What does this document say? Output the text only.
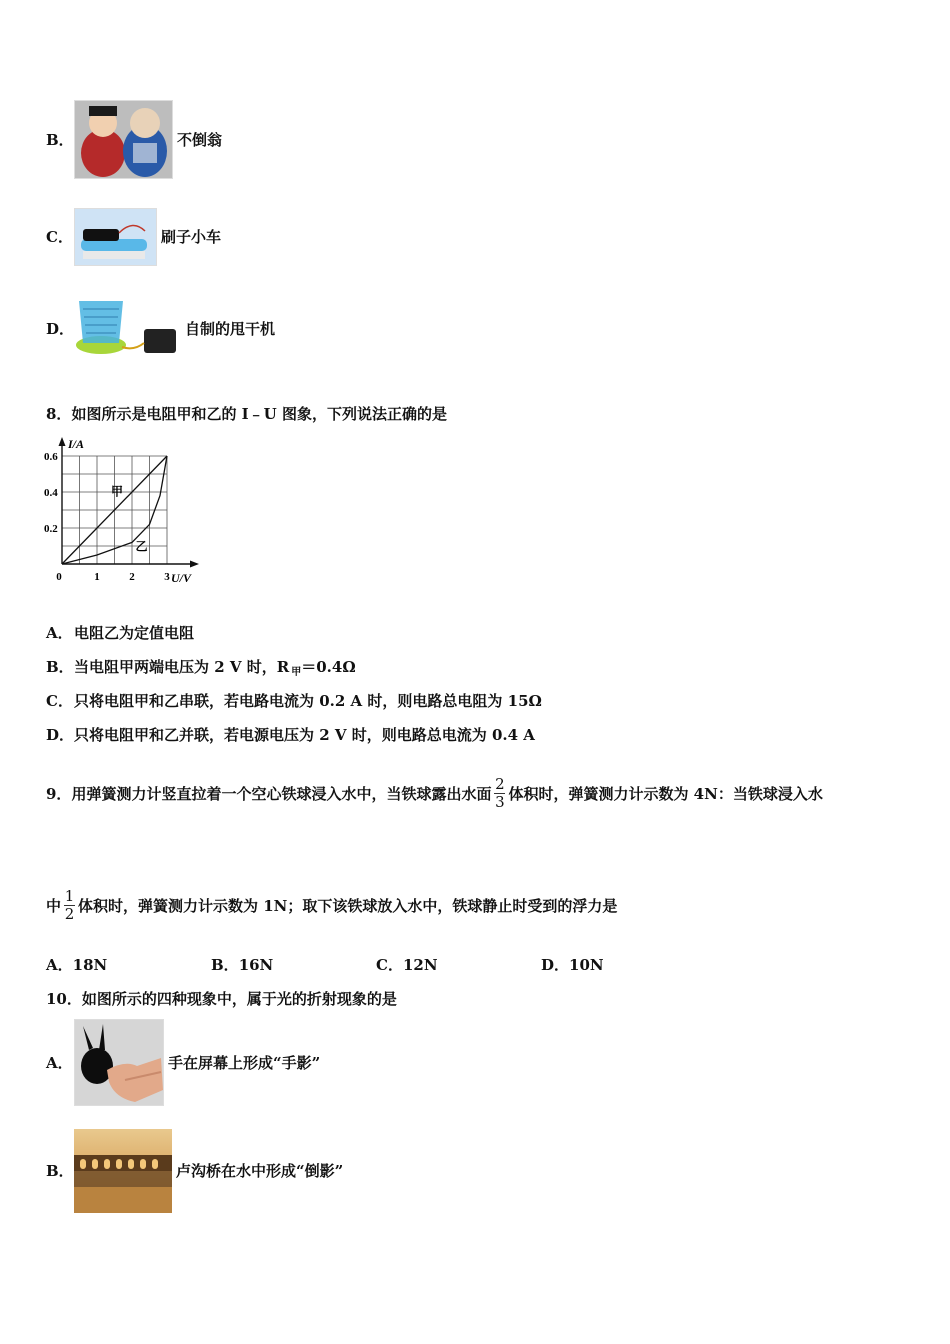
B．	不倒翁
C．	刷子小车
D．	自制的甩干机
8． 如图所示是电阻甲和乙的 I﹣U 图象，下列说法正确的是
甲
乙
0	1	2	3
0.2
0.4
0.6
I/A
U/V
A． 电阻乙为定值电阻
B． 当电阻甲两端电压为 2 V 时，R 甲 ＝0.4Ω
C． 只将电阻甲和乙串联，若电路电流为 0.2 A 时，则电路总电阻为 15Ω
D． 只将电阻甲和乙并联，若电源电压为 2 V 时，则电路总电流为 0.4 A
9． 用弹簧测力计竖直拉着一个空心铁球浸入水中，当铁球露出水面 $\frac{2}{3}$ 体积时，弹簧测力计示数为 4N：当铁球浸入水
中 $\frac{1}{2}$ 体积时，弹簧测力计示数为 1N；取下该铁球放入水中，铁球静止时受到的浮力是
A．18N	B．16N	C．12N	D．10N
10． 如图所示的四种现象中，属于光的折射现象的是
A．	手在屏幕上形成“手影”
B．	卢沟桥在水中形成“倒影”
